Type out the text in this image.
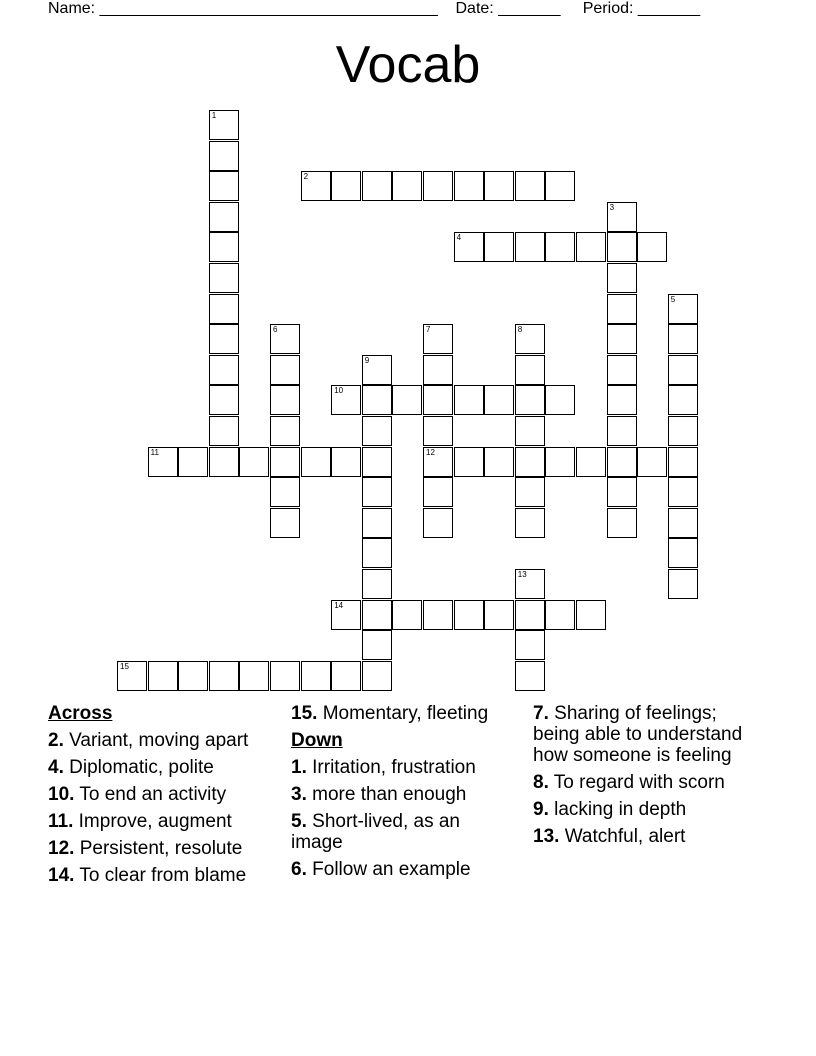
Name: ______________________________________ Date: _______ Period: _______
Vocab
1
2
3
4
5
6	7
12
8
9
10
11
13
14
15
Across
2. Variant, moving apart
4. Diplomatic, polite
10. To end an activity
11. Improve, augment
12. Persistent, resolute
14. To clear from blame
15. Momentary, fleeting
Down
1. Irritation, frustration
3. more than enough
5. Short-lived, as an image
6. Follow an example
7. Sharing of feelings; being able to understand how someone is feeling
8. To regard with scorn
9. lacking in depth
13. Watchful, alert
